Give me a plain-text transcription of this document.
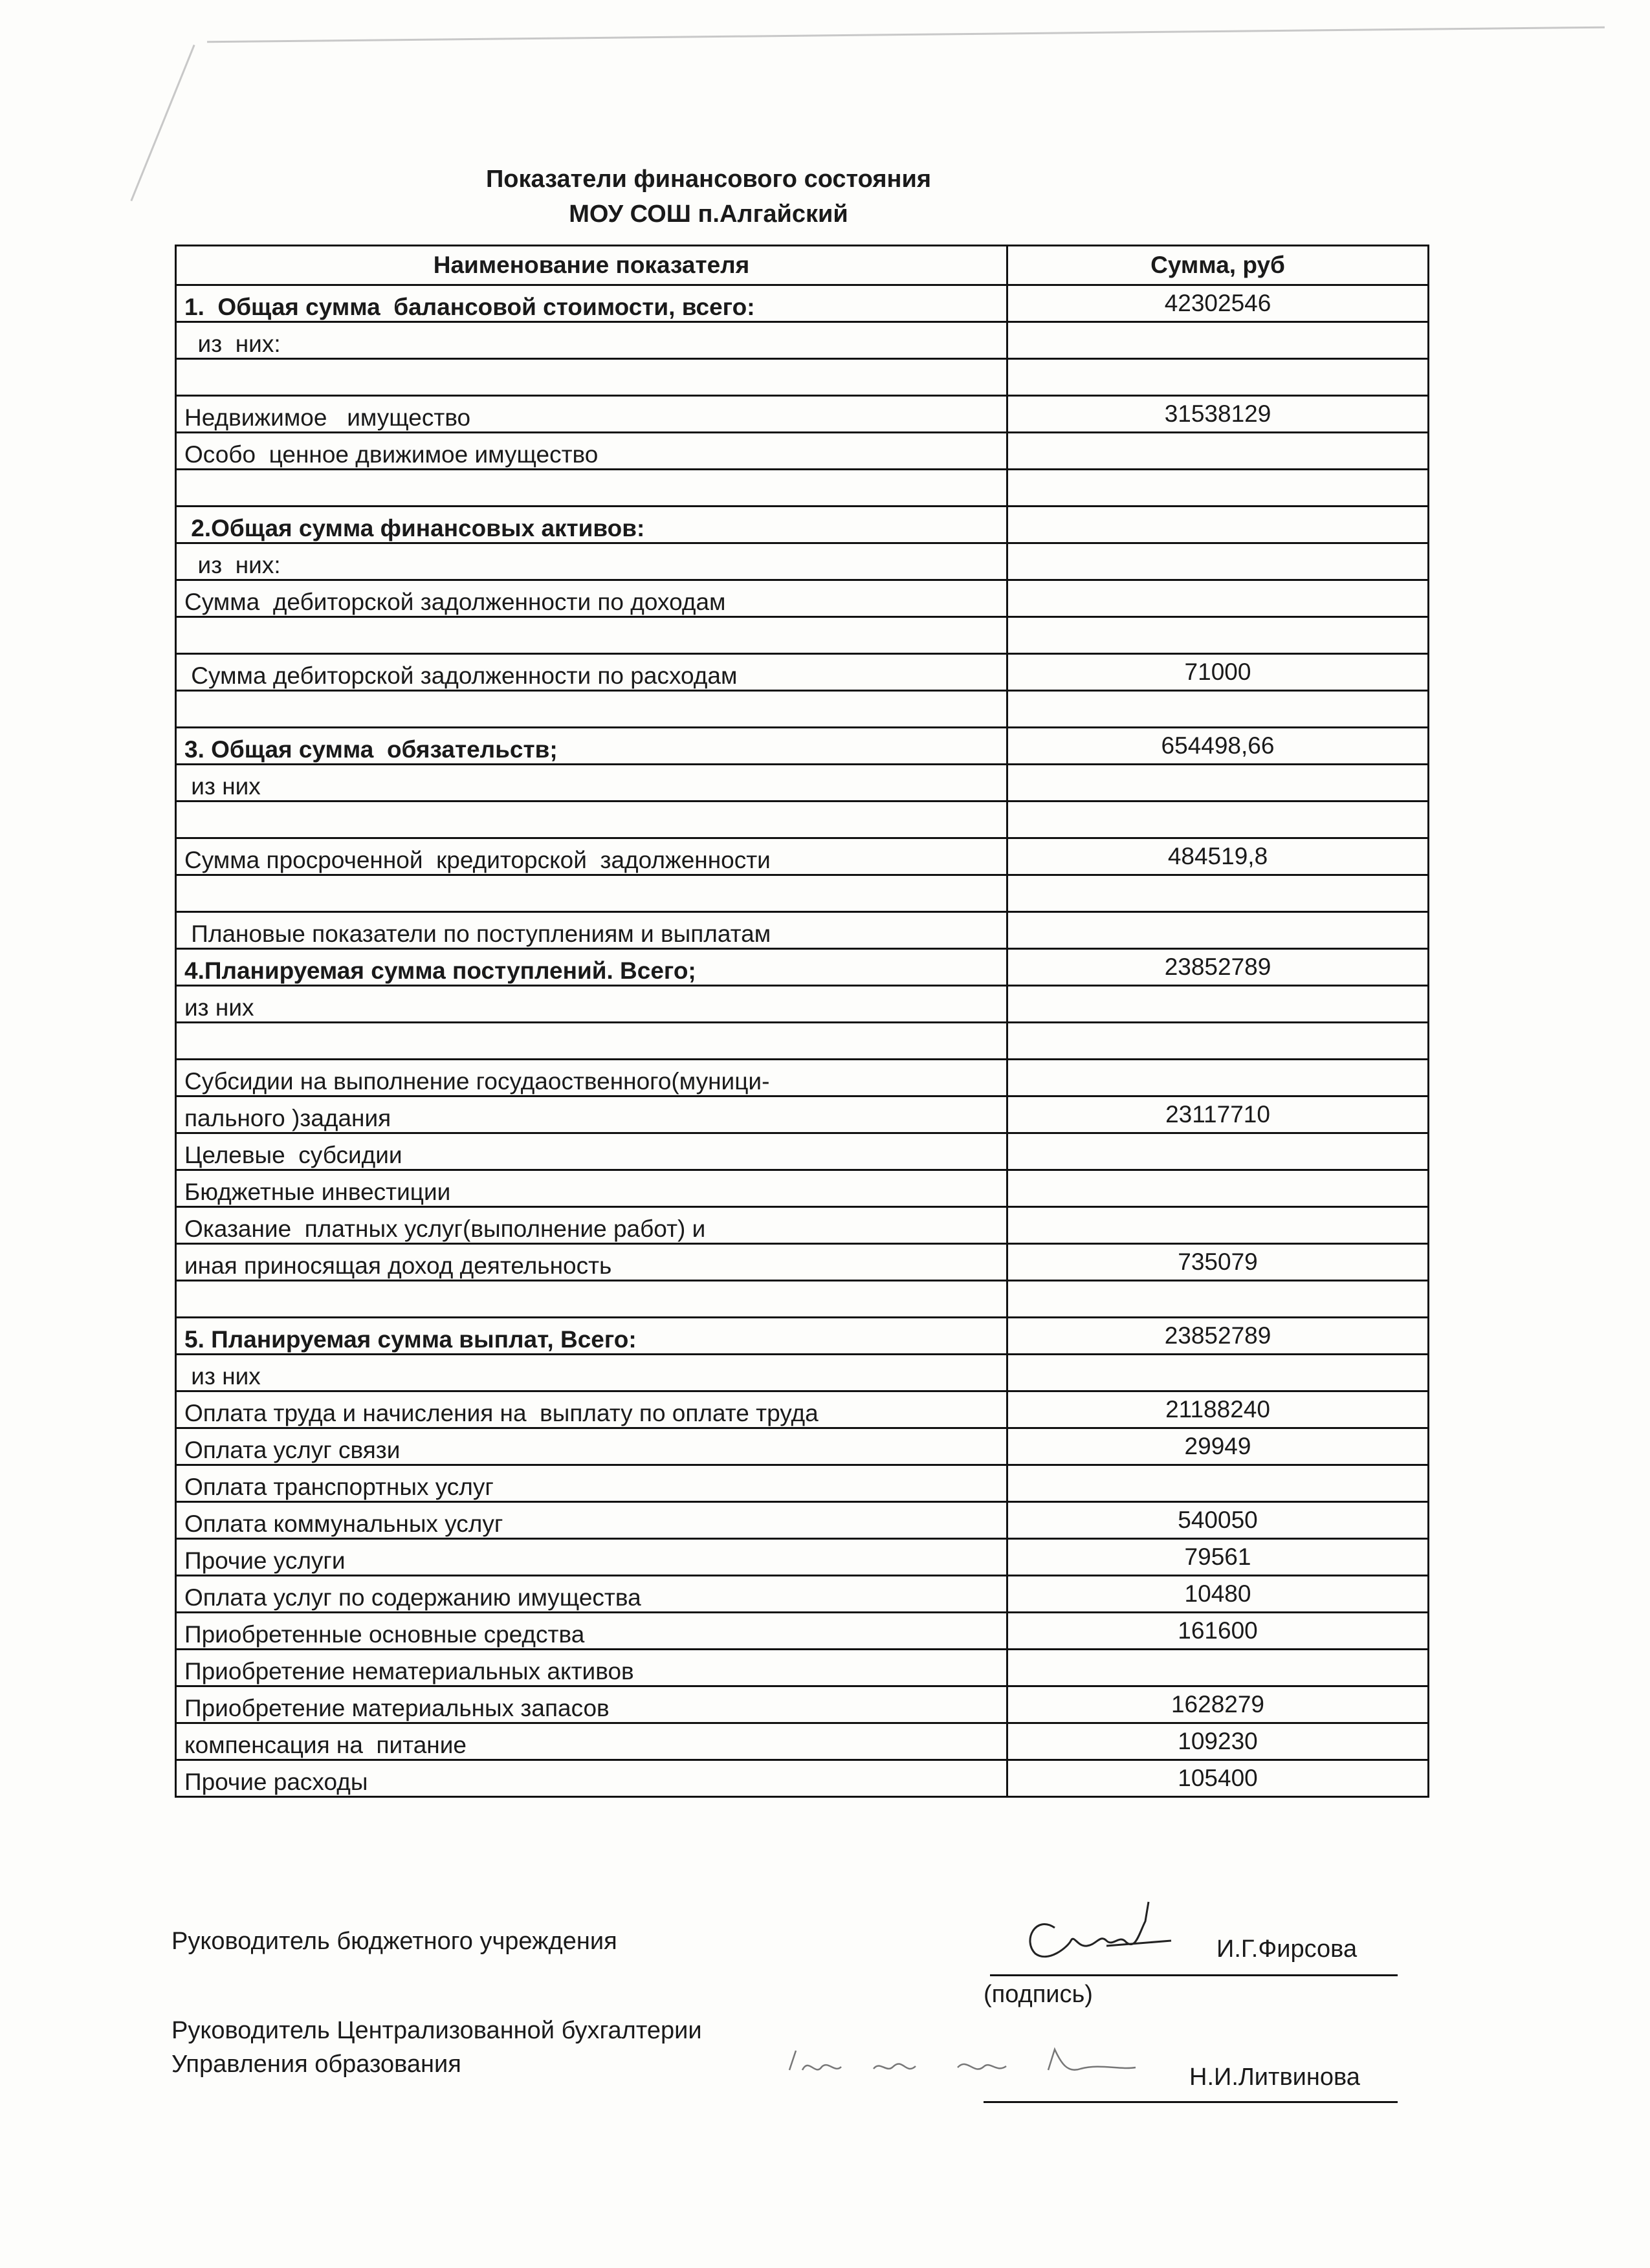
Показатели финансового состояния
МОУ СОШ п.Алгайский
Наименование показателя	Сумма, руб
1.  Общая сумма  балансовой стоимости, всего:	42302546
из  них:	

Недвижимое   имущество	31538129
Особо  ценное движимое имущество	

2.Общая сумма финансовых активов:	
из  них:	
Сумма  дебиторской задолженности по доходам	

Сумма дебиторской задолженности по расходам	71000

3. Общая сумма  обязательств;	654498,66
из них	

Сумма просроченной  кредиторской  задолженности	484519,8

Плановые показатели по поступлениям и выплатам	
4.Планируемая сумма поступлений. Всего;	23852789
из них	

Субсидии на выполнение госудаоственного(муници-	
пального )задания	23117710
Целевые  субсидии	
Бюджетные инвестиции	
Оказание  платных услуг(выполнение работ) и	
иная приносящая доход деятельность	735079

5. Планируемая сумма выплат, Всего:	23852789
из них	
Оплата труда и начисления на  выплату по оплате труда	21188240
Оплата услуг связи	29949
Оплата транспортных услуг	
Оплата коммунальных услуг	540050
Прочие услуги	79561
Оплата услуг по содержанию имущества	10480
Приобретенные основные средства	161600
Приобретение нематериальных активов	
Приобретение материальных запасов	1628279
компенсация на  питание	109230
Прочие расходы	105400
Руководитель бюджетного учреждения	И.Г.Фирсова
(подпись)
Руководитель Централизованной бухгалтерии
Управления образования	Н.И.Литвинова
